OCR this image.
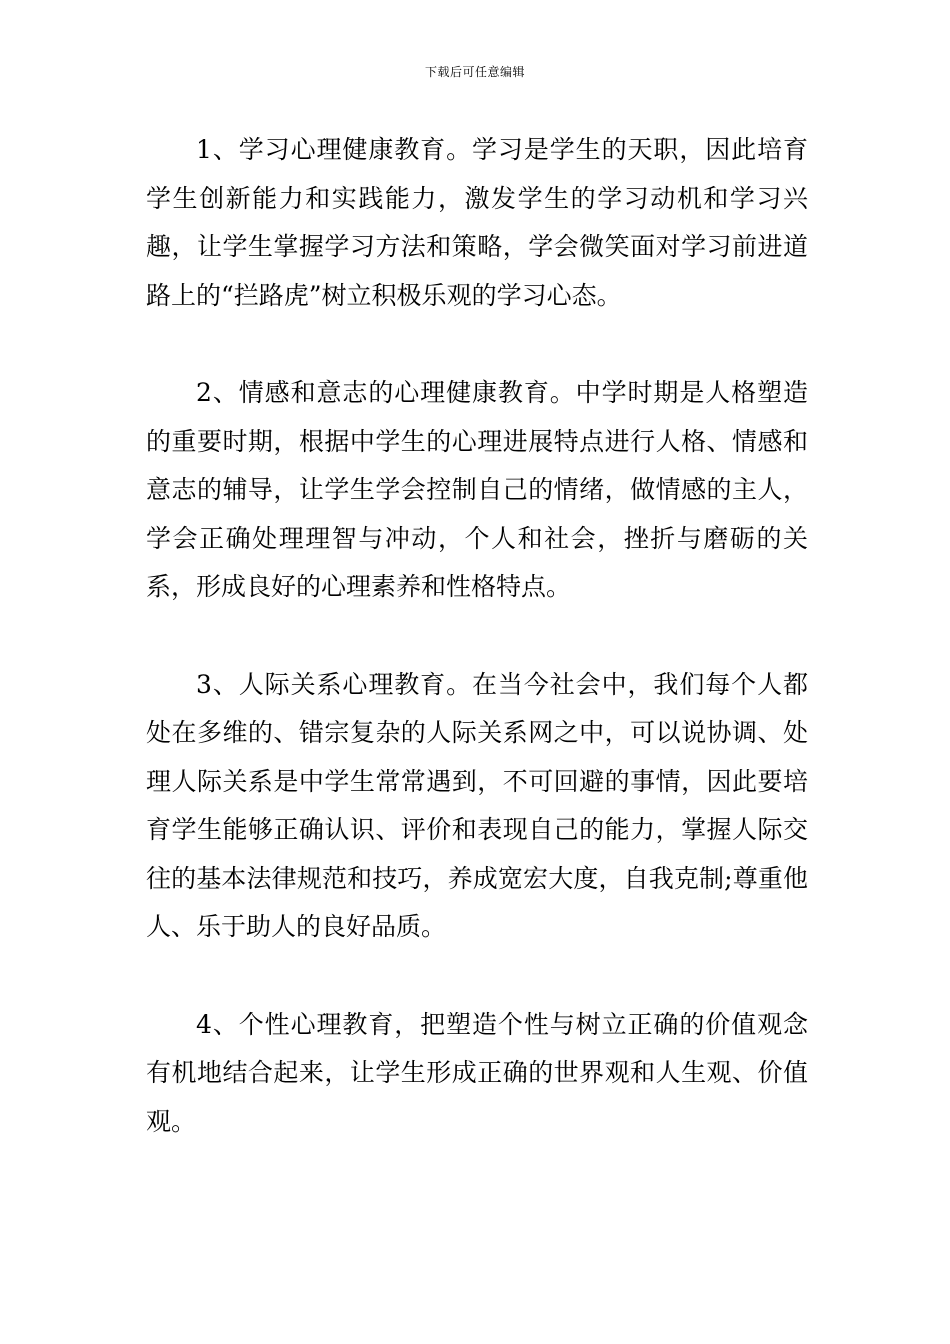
下载后可任意编辑

1、学习心理健康教育。学习是学生的天职，因此培育学生创新能力和实践能力，激发学生的学习动机和学习兴趣，让学生掌握学习方法和策略，学会微笑面对学习前进道路上的“拦路虎”树立积极乐观的学习心态。

2、情感和意志的心理健康教育。中学时期是人格塑造的重要时期，根据中学生的心理进展特点进行人格、情感和意志的辅导，让学生学会控制自己的情绪，做情感的主人，学会正确处理理智与冲动，个人和社会，挫折与磨砺的关系，形成良好的心理素养和性格特点。

3、人际关系心理教育。在当今社会中，我们每个人都处在多维的、错宗复杂的人际关系网之中，可以说协调、处理人际关系是中学生常常遇到，不可回避的事情，因此要培育学生能够正确认识、评价和表现自己的能力，掌握人际交往的基本法律规范和技巧，养成宽宏大度，自我克制;尊重他人、乐于助人的良好品质。

4、个性心理教育，把塑造个性与树立正确的价值观念有机地结合起来，让学生形成正确的世界观和人生观、价值观。
